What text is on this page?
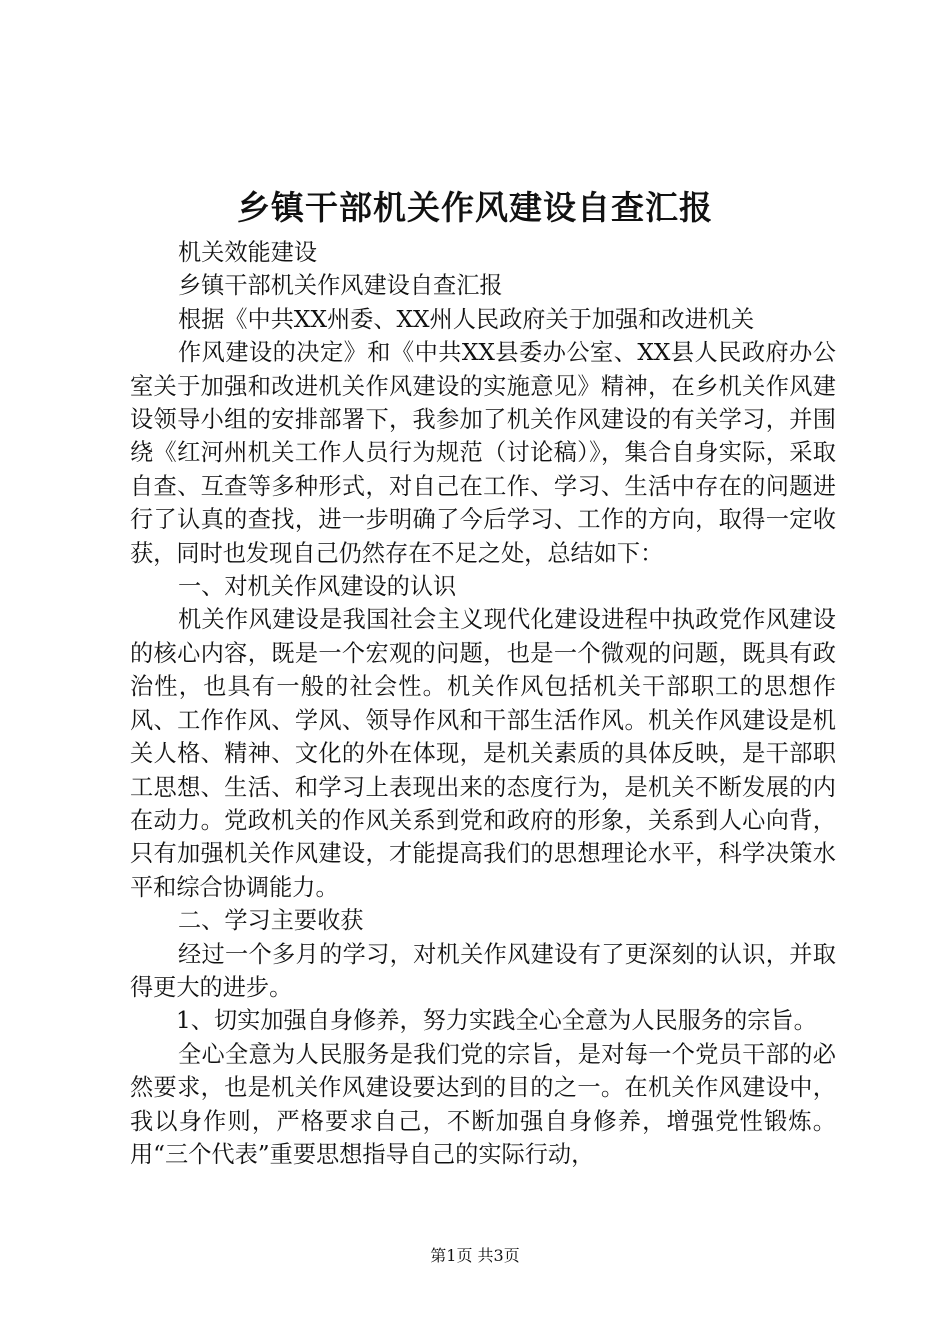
乡镇干部机关作风建设自查汇报

机关效能建设

乡镇干部机关作风建设自查汇报

根据《中共XX州委、XX州人民政府关于加强和改进机关

作风建设的决定》和《中共XX县委办公室、XX县人民政府办公室关于加强和改进机关作风建设的实施意见》精神，在乡机关作风建设领导小组的安排部署下，我参加了机关作风建设的有关学习，并围绕《红河州机关工作人员行为规范（讨论稿）》，集合自身实际，采取自查、互查等多种形式，对自己在工作、学习、生活中存在的问题进行了认真的查找，进一步明确了今后学习、工作的方向，取得一定收获，同时也发现自己仍然存在不足之处，总结如下：

一、对机关作风建设的认识

机关作风建设是我国社会主义现代化建设进程中执政党作风建设的核心内容，既是一个宏观的问题，也是一个微观的问题，既具有政治性，也具有一般的社会性。机关作风包括机关干部职工的思想作风、工作作风、学风、领导作风和干部生活作风。机关作风建设是机关人格、精神、文化的外在体现，是机关素质的具体反映，是干部职工思想、生活、和学习上表现出来的态度行为，是机关不断发展的内在动力。党政机关的作风关系到党和政府的形象，关系到人心向背，只有加强机关作风建设，才能提高我们的思想理论水平，科学决策水平和综合协调能力。

二、学习主要收获

经过一个多月的学习，对机关作风建设有了更深刻的认识，并取得更大的进步。

1、切实加强自身修养，努力实践全心全意为人民服务的宗旨。

全心全意为人民服务是我们党的宗旨，是对每一个党员干部的必然要求，也是机关作风建设要达到的目的之一。在机关作风建设中，我以身作则，严格要求自己，不断加强自身修养，增强党性锻炼。用“三个代表”重要思想指导自己的实际行动，

第1页 共3页
